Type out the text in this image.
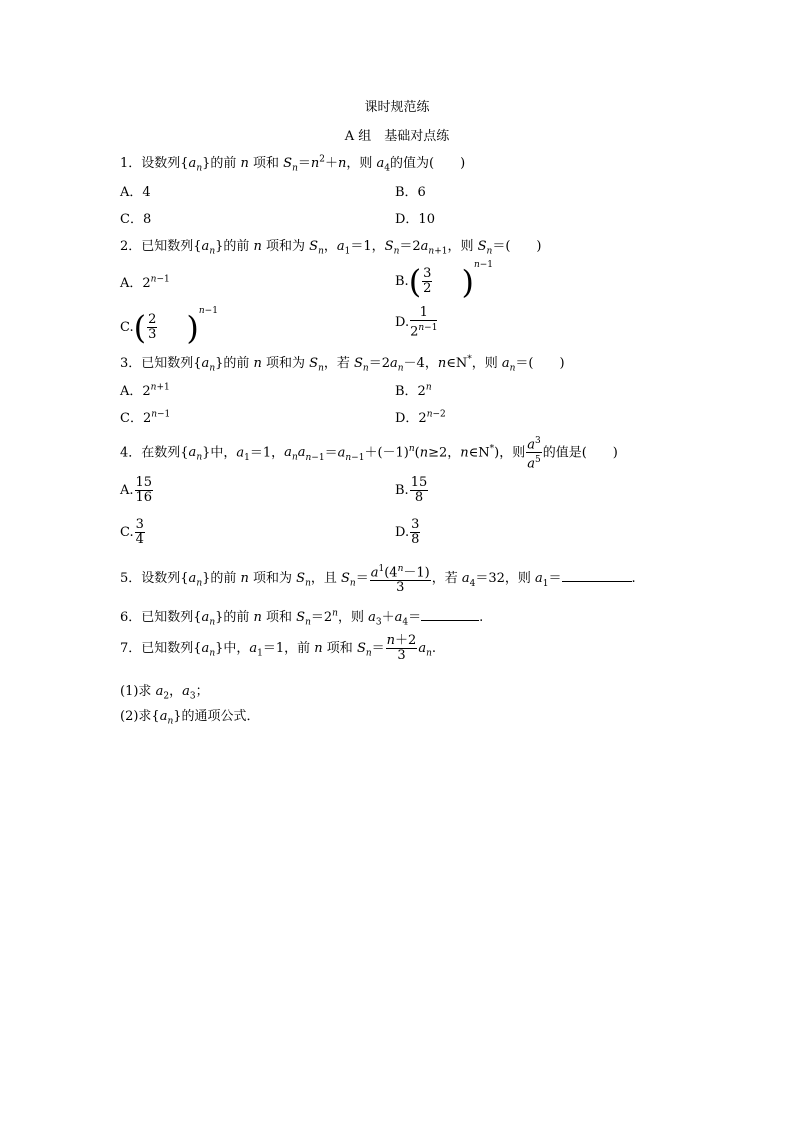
课时规范练
A 组　基础对点练
1．设数列$\{a_n\}$的前 n 项和 $S_n=n^2+n$，则 $a_4$的值为(　　)
A．4	B．6
C．8	D．10
2．已知数列$\{a_n\}$的前 n 项和为 $S_n$，$a_1=1$，$S_n=2a_{n+1}$，则 $S_n=$(　　)
A．$2^{n-1}$	$B.( \frac{3}{2} )^{n-1}$
$C.( \frac{2}{3} )^{n-1}$
D. $\frac{1}{2^{n-1}}$
3．已知数列$\{a_n\}$的前 n 项和为 $S_n$，若 $S_n=2a_n-4$，n∈N*，则 $a_n=$(　　)
A．$2^{n+1}$	B．2$^n$
C．$2^{n-1}$	D．$2^{n-2}$
4．在数列$\{a_n\}$中，$a_1=1$，$a_na_{n-1}=a_{n-1}+(-1)^n(n\ge 2$，n∈N*)，则 $\frac{a^3}{a^5}$ 的值是(　　)
A. $\frac{15}{16}$	B. $\frac{15}{8}$
C. $\frac{3}{4}$	D. $\frac{3}{8}$
5．设数列$\{a_n\}$的前 n 项和为 $S_n$，且 $S_n= \frac{a^1(4^n-1)}{3}$ ，若 $a_4=32$，则 $a_1=$	.
6．已知数列$\{a_n\}$的前 n 项和 $S_n=2^n$，则 $a_3+a_4=$	.
7．已知数列$\{a_n\}$中，$a_1=1$，前 n 项和 $S_n= \frac{n+2}{3} a_n$.
(1)求 $a_2$，$a_3$；
(2)求$\{a_n\}$的通项公式．
